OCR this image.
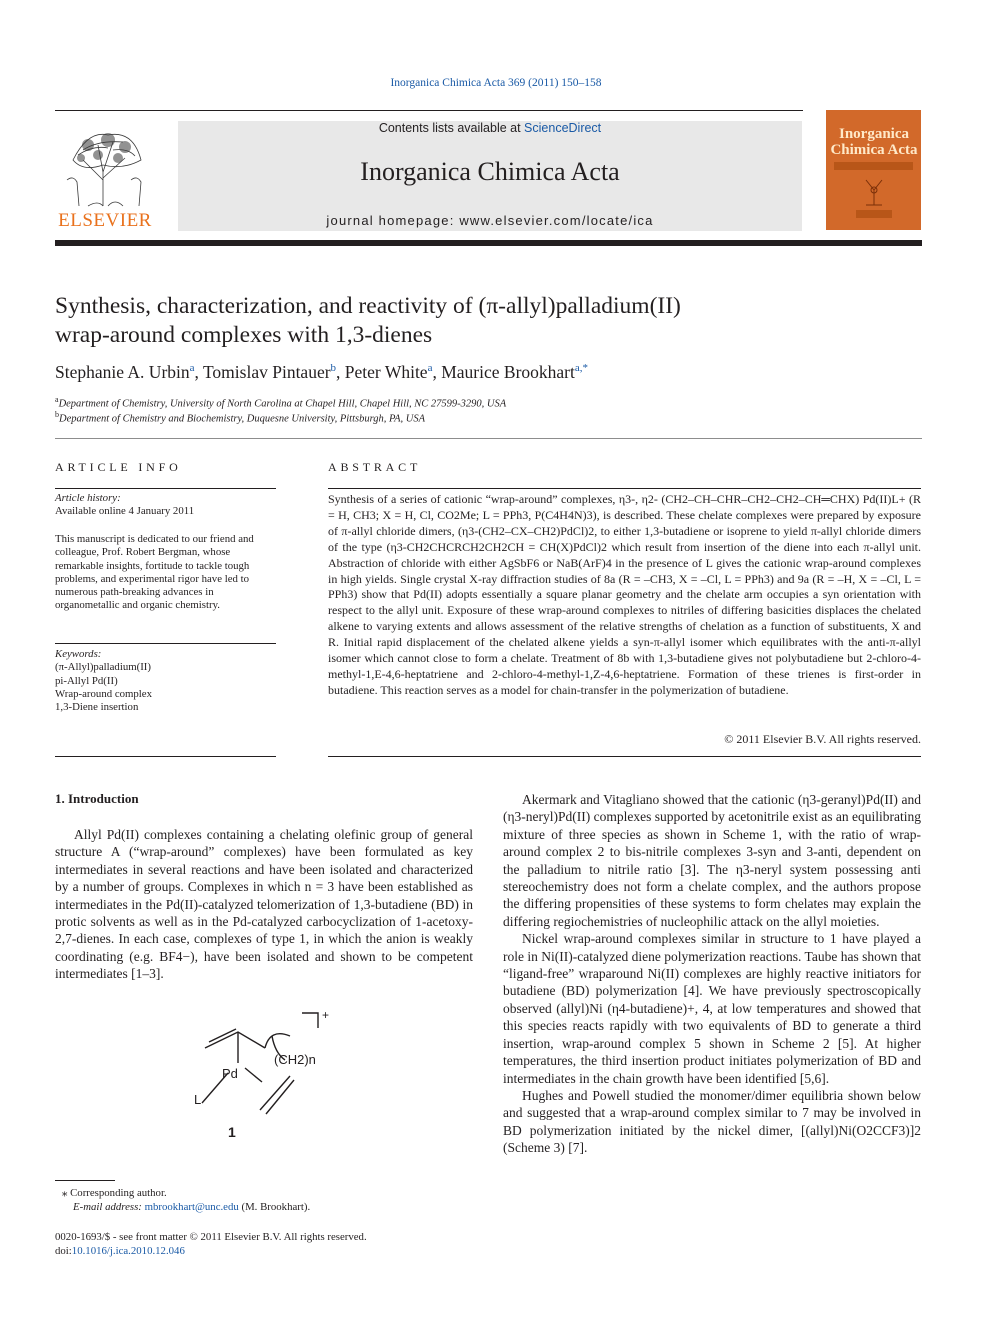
Inorganica Chimica Acta 369 (2011) 150–158
ELSEVIER
Contents lists available at ScienceDirect
Inorganica Chimica Acta
journal homepage: www.elsevier.com/locate/ica
Inorganica Chimica Acta
Synthesis, characterization, and reactivity of (π-allyl)palladium(II)
wrap-around complexes with 1,3-dienes
Stephanie A. Urbin$^a$, Tomislav Pintauer$^b$, Peter White$^a$, Maurice Brookhart$^{a,*}$
$^a$Department of Chemistry, University of North Carolina at Chapel Hill, Chapel Hill, NC 27599-3290, USA
$^b$Department of Chemistry and Biochemistry, Duquesne University, Pittsburgh, PA, USA
ARTICLE INFO
Article history:
Available online 4 January 2011
This manuscript is dedicated to our friend and colleague, Prof. Robert Bergman, whose remarkable insights, fortitude to tackle tough problems, and experimental rigor have led to numerous path-breaking advances in organometallic and organic chemistry.
Keywords:
(π-Allyl)palladium(II)
pi-Allyl Pd(II)
Wrap-around complex
1,3-Diene insertion
ABSTRACT
Synthesis of a series of cationic “wrap-around” complexes, η3-, η2- (CH2–CH–CHR–CH2–CH2–CH═CHX) Pd(II)L+ (R = H, CH3; X = H, Cl, CO2Me; L = PPh3, P(C4H4N)3), is described. These chelate complexes were prepared by exposure of π-allyl chloride dimers, (η3-(CH2–CX–CH2)PdCl)2, to either 1,3-butadiene or isoprene to yield π-allyl chloride dimers of the type (η3-CH2CHCRCH2CH2CH = CH(X)PdCl)2 which result from insertion of the diene into each π-allyl unit. Abstraction of chloride with either AgSbF6 or NaB(ArF)4 in the presence of L gives the cationic wrap-around complexes in high yields. Single crystal X-ray diffraction studies of 8a (R = –CH3, X = –Cl, L = PPh3) and 9a (R = –H, X = –Cl, L = PPh3) show that Pd(II) adopts essentially a square planar geometry and the chelate arm occupies a syn orientation with respect to the allyl unit. Exposure of these wrap-around complexes to nitriles of differing basicities displaces the chelated alkene to varying extents and allows assessment of the relative strengths of chelation as a function of substituents, X and R. Initial rapid displacement of the chelated alkene yields a syn-π-allyl isomer which equilibrates with the anti-π-allyl isomer which cannot close to form a chelate. Treatment of 8b with 1,3-butadiene gives not polybutadiene but 2-chloro-4-methyl-1,E-4,6-heptatriene and 2-chloro-4-methyl-1,Z-4,6-heptatriene. Formation of these trienes is first-order in butadiene. This reaction serves as a model for chain-transfer in the polymerization of butadiene.
© 2011 Elsevier B.V. All rights reserved.
1. Introduction

Allyl Pd(II) complexes containing a chelating olefinic group of general structure A (“wrap-around” complexes) have been formulated as key intermediates in several reactions and have been isolated and characterized by a number of groups. Complexes in which n = 3 have been established as intermediates in the Pd(II)-catalyzed telomerization of 1,3-butadiene (BD) in protic solvents as well as in the Pd-catalyzed carbocyclization of 1-acetoxy-2,7-dienes. In each case, complexes of type 1, in which the anion is weakly coordinating (e.g. BF4−), have been isolated and shown to be competent intermediates [1–3].

Pd
L
(CH2)n
+
1

Akermark and Vitagliano showed that the cationic (η3-geranyl)Pd(II) and (η3-neryl)Pd(II) complexes supported by acetonitrile exist as an equilibrating mixture of three species as shown in Scheme 1, with the ratio of wrap-around complex 2 to bis-nitrile complexes 3-syn and 3-anti, dependent on the palladium to nitrile ratio [3]. The η3-neryl system possessing anti stereochemistry does not form a chelate complex, and the authors propose the differing propensities of these systems to form chelates may explain the differing regiochemistries of nucleophilic attack on the allyl moieties.

Nickel wrap-around complexes similar in structure to 1 have played a role in Ni(II)-catalyzed diene polymerization reactions. Taube has shown that “ligand-free” wraparound Ni(II) complexes are highly reactive initiators for butadiene (BD) polymerization [4]. We have previously spectroscopically observed (allyl)Ni (η4-butadiene)+, 4, at low temperatures and showed that this species reacts rapidly with two equivalents of BD to generate a third insertion, wrap-around complex 5 shown in Scheme 2 [5]. At higher temperatures, the third insertion product initiates polymerization of BD and intermediates in the chain growth have been identified [5,6].

Hughes and Powell studied the monomer/dimer equilibria shown below and suggested that a wrap-around complex similar to 7 may be involved in BD polymerization initiated by the nickel dimer, [(allyl)Ni(O2CCF3)]2 (Scheme 3) [7].

⁎ Corresponding author.
E-mail address: mbrookhart@unc.edu (M. Brookhart).
0020-1693/$ - see front matter © 2011 Elsevier B.V. All rights reserved.
doi:10.1016/j.ica.2010.12.046
